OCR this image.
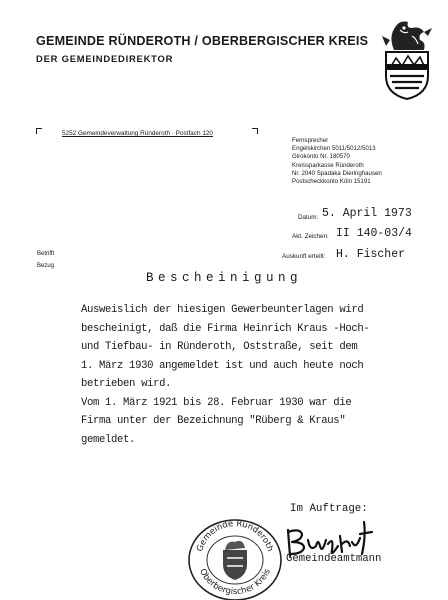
GEMEINDE RÜNDEROTH / OBERBERGISCHER KREIS
DER GEMEINDEDIREKTOR
5252 Gemeindeverwaltung Ründeroth · Postfach 120
Fernsprecher
Engelskirchen 5011/5012/5013
Girokonto Nr. 180570
Kreissparkasse Ründeroth
Nr. 2040 Spadaka Dieringhausen
Postscheckkonto Köln 15191
Datum: 5. April 1973
Akt. Zeichen: II 140-03/4
Auskunft erteilt: H. Fischer
Betrifft
Bezug
Bescheinigung
Ausweislich der hiesigen Gewerbeunterlagen wird
bescheinigt, daß die Firma Heinrich Kraus -Hoch-
und Tiefbau- in Ründeroth, Oststraße, seit dem
1. März 1930 angemeldet ist und auch heute noch
betrieben wird.
Vom 1. März 1921 bis 28. Februar 1930 war die
Firma unter der Bezeichnung "Rüberg & Kraus"
gemeldet.
Im Auftrage:
Gemeindeamtmann
Gemeinde Ründeroth
Oberbergischer Kreis
